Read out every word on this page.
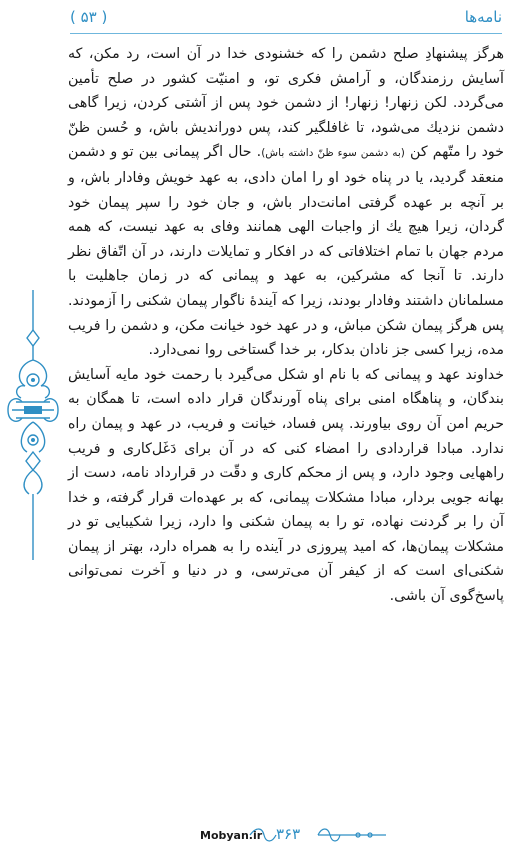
نامه‌ها
( ۵۳ )

هرگز پیشنهادِ صلح دشمن را كه خشنودی خدا در آن است، رد مكن، كه آسایش رزمندگان، و آرامش فكری تو، و امنیّت كشور در صلح تأمین می‌گردد. لكن زنهار! زنهار! از دشمن خود پس از آشتی كردن، زیرا گاهی دشمن نزدیك می‌شود، تا غافلگیر كند، پس دوراندیش باش، و حُسن ظنّ خود را متّهم كن (به دشمن سوء ظنّ داشته باش). حال اگر پیمانی بین تو و دشمن منعقد گردید، یا در پناه خود او را امان دادی، به عهد خویش وفادار باش، و بر آنچه بر عهده گرفتی امانت‌دار باش، و جان خود را سپر پیمان خود گردان، زیرا هیچ یك از واجبات الهی همانند وفای به عهد نیست، كه همه مردم جهان با تمام اختلافاتی كه در افكار و تمایلات دارند، در آن اتّفاق نظر دارند. تا آنجا كه مشركین، به عهد و پیمانی كه در زمان جاهلیت با مسلمانان داشتند وفادار بودند، زیرا كه آیندهٔ ناگوار پیمان شكنی را آزمودند. پس هرگز پیمان شكن مباش، و در عهد خود خیانت مكن، و دشمن را فریب مده، زیرا كسی جز نادان بدكار، بر خدا گستاخی روا نمی‌دارد.

خداوند عهد و پیمانی كه با نام او شكل می‌گیرد با رحمت خود مایه آسایش بندگان، و پناهگاه امنی برای پناه آورندگان قرار داده است، تا همگان به حریم امن آن روی بیاورند. پس فساد، خیانت و فریب، در عهد و پیمان راه ندارد. مبادا قراردادی را امضاء كنی كه در آن برای دَغَل‌كاری و فریب راههایی وجود دارد، و پس از محكم كاری و دقّت در قرارداد نامه، دست از بهانه جویی بردار، مبادا مشكلات پیمانی، كه بر عهده‌ات قرار گرفته، و خدا آن را بر گردنت نهاده، تو را به پیمان شكنی وا دارد، زیرا شكیبایی تو در مشكلات پیمان‌ها، كه امید پیروزی در آینده را به همراه دارد، بهتر از پیمان شكنی‌ای است كه از كیفر آن می‌ترسی، و در دنیا و آخرت نمی‌توانی پاسخ‌گوی آن باشی.

Mobyan.ir ۳۶۳
